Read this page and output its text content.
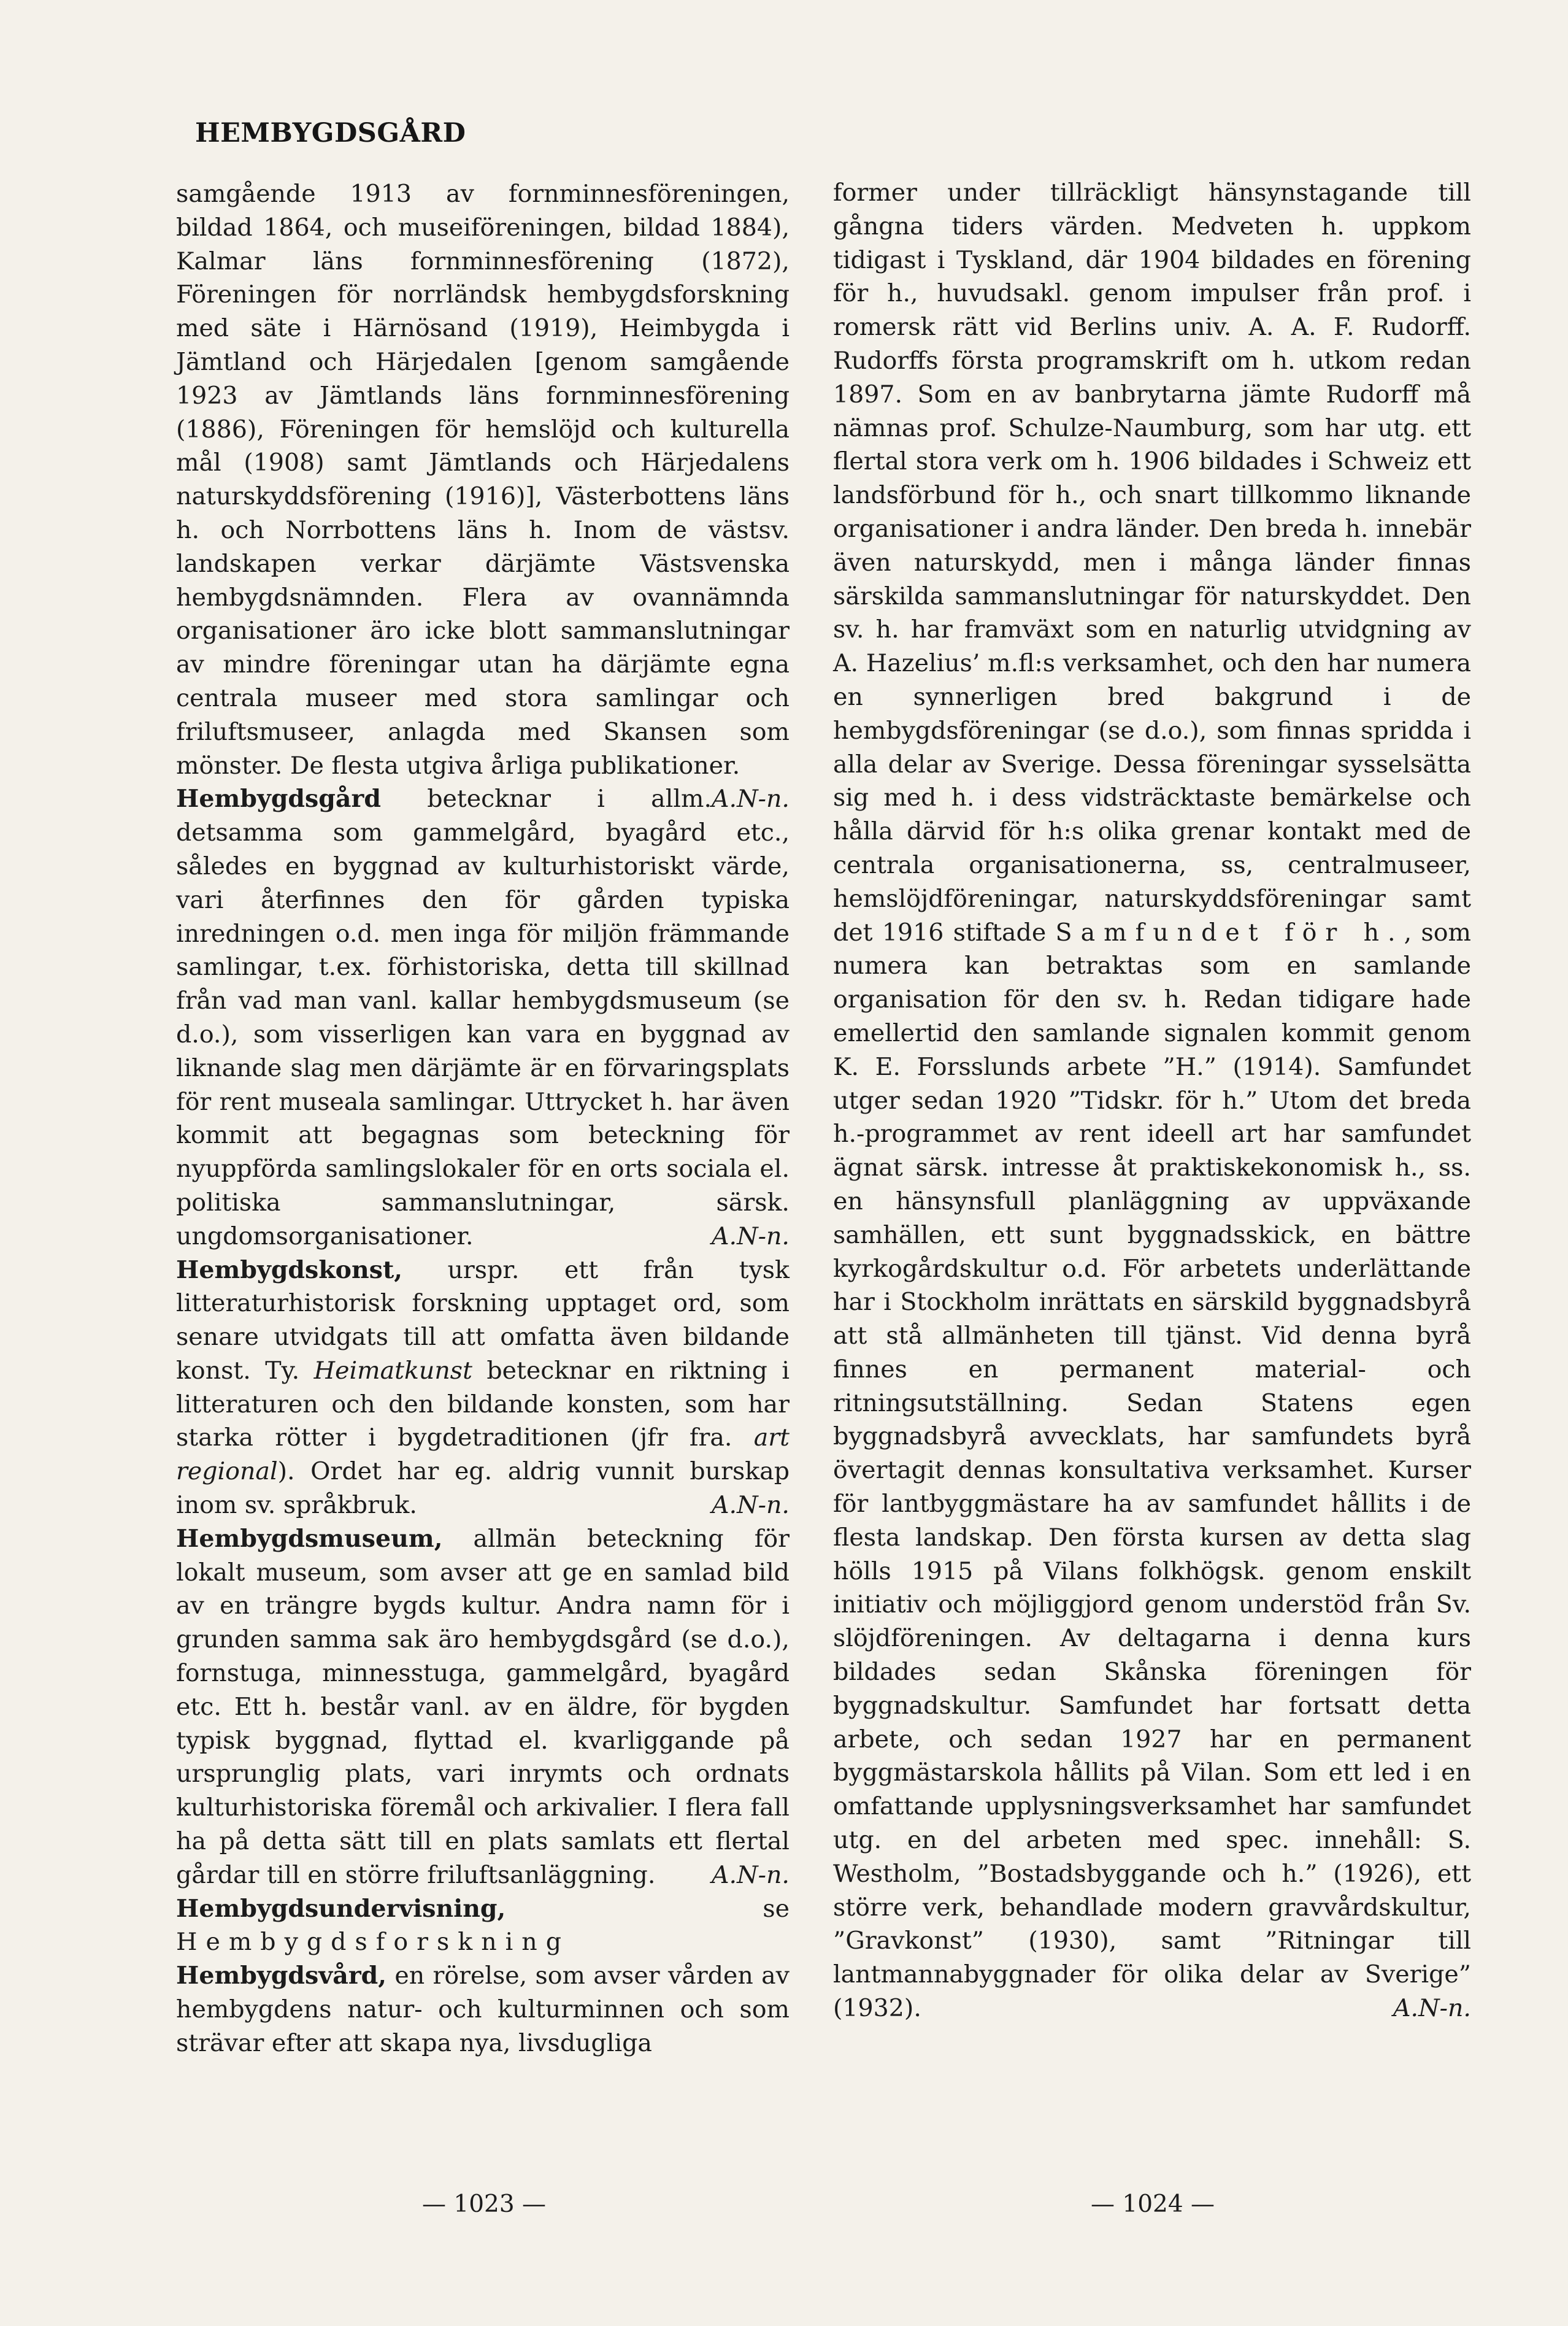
HEMBYGDSGÅRD

samgående 1913 av fornminnesföreningen, bildad 1864, och museiföreningen, bildad 1884), Kalmar läns fornminnesförening (1872), Föreningen för norrländsk hembygdsforskning med säte i Härnösand (1919), Heimbygda i Jämtland och Härjedalen [genom samgående 1923 av Jämtlands läns fornminnesförening (1886), Föreningen för hemslöjd och kulturella mål (1908) samt Jämtlands och Härjedalens naturskyddsförening (1916)], Västerbottens läns h. och Norrbottens läns h. Inom de västsv. landskapen verkar därjämte Västsvenska hembygdsnämnden. Flera av ovannämnda organisationer äro icke blott sammanslutningar av mindre föreningar utan ha därjämte egna centrala museer med stora samlingar och friluftsmuseer, anlagda med Skansen som mönster. De flesta utgiva årliga publikationer.
A.N-n.

Hembygdsgård betecknar i allm. detsamma som gammelgård, byagård etc., således en byggnad av kulturhistoriskt värde, vari återfinnes den för gården typiska inredningen o.d. men inga för miljön främmande samlingar, t.ex. förhistoriska, detta till skillnad från vad man vanl. kallar hembygdsmuseum (se d.o.), som visserligen kan vara en byggnad av liknande slag men därjämte är en förvaringsplats för rent museala samlingar. Uttrycket h. har även kommit att begagnas som beteckning för nyuppförda samlingslokaler för en orts sociala el. politiska sammanslutningar, särsk. ungdomsorganisationer.	A.N-n.

Hembygdskonst, urspr. ett från tysk litteraturhistorisk forskning upptaget ord, som senare utvidgats till att omfatta även bildande konst. Ty. Heimatkunst betecknar en riktning i litteraturen och den bildande konsten, som har starka rötter i bygdetraditionen (jfr fra. art regional). Ordet har eg. aldrig vunnit burskap inom sv. språkbruk.	A.N-n.

Hembygdsmuseum, allmän beteckning för lokalt museum, som avser att ge en samlad bild av en trängre bygds kultur. Andra namn för i grunden samma sak äro hembygdsgård (se d.o.), fornstuga, minnesstuga, gammelgård, byagård etc. Ett h. består vanl. av en äldre, för bygden typisk byggnad, flyttad el. kvarliggande på ursprunglig plats, vari inrymts och ordnats kulturhistoriska föremål och arkivalier. I flera fall ha på detta sätt till en plats samlats ett flertal gårdar till en större friluftsanläggning. A.N-n.

Hembygdsundervisning, se Hembygdsforskning

Hembygdsvård, en rörelse, som avser vården av hembygdens natur- och kulturminnen och som strävar efter att skapa nya, livsdugliga

former under tillräckligt hänsynstagande till gångna tiders värden. Medveten h. uppkom tidigast i Tyskland, där 1904 bildades en förening för h., huvudsakl. genom impulser från prof. i romersk rätt vid Berlins univ. A. A. F. Rudorff. Rudorffs första programskrift om h. utkom redan 1897. Som en av banbrytarna jämte Rudorff må nämnas prof. Schulze-Naumburg, som har utg. ett flertal stora verk om h. 1906 bildades i Schweiz ett landsförbund för h., och snart tillkommo liknande organisationer i andra länder. Den breda h. innebär även naturskydd, men i många länder finnas särskilda sammanslutningar för naturskyddet. Den sv. h. har framväxt som en naturlig utvidgning av A. Hazelius’ m.fl:s verksamhet, och den har numera en synnerligen bred bakgrund i de hembygdsföreningar (se d.o.), som finnas spridda i alla delar av Sverige. Dessa föreningar sysselsätta sig med h. i dess vidsträcktaste bemärkelse och hålla därvid för h:s olika grenar kontakt med de centrala organisationerna, ss, centralmuseer, hemslöjdföreningar, naturskyddsföreningar samt det 1916 stiftade Samfundet för h., som numera kan betraktas som en samlande organisation för den sv. h. Redan tidigare hade emellertid den samlande signalen kommit genom K. E. Forsslunds arbete ”H.” (1914). Samfundet utger sedan 1920 ”Tidskr. för h.” Utom det breda h.-programmet av rent ideell art har samfundet ägnat särsk. intresse åt praktiskekonomisk h., ss. en hänsynsfull planläggning av uppväxande samhällen, ett sunt byggnadsskick, en bättre kyrkogårdskultur o.d. För arbetets underlättande har i Stockholm inrättats en särskild byggnadsbyrå att stå allmänheten till tjänst. Vid denna byrå finnes en permanent material- och ritningsutställning. Sedan Statens egen byggnadsbyrå avvecklats, har samfundets byrå övertagit dennas konsultativa verksamhet. Kurser för lantbyggmästare ha av samfundet hållits i de flesta landskap. Den första kursen av detta slag hölls 1915 på Vilans folkhögsk. genom enskilt initiativ och möjliggjord genom understöd från Sv. slöjdföreningen. Av deltagarna i denna kurs bildades sedan Skånska föreningen för byggnadskultur. Samfundet har fortsatt detta arbete, och sedan 1927 har en permanent byggmästarskola hållits på Vilan. Som ett led i en omfattande upplysningsverksamhet har samfundet utg. en del arbeten med spec. innehåll: S. Westholm, ”Bostadsbyggande och h.” (1926), ett större verk, behandlade modern gravvårdskultur, ”Gravkonst” (1930), samt ”Ritningar till lantmannabyggnader för olika delar av Sverige” (1932).	A.N-n.

— 1023 —	— 1024 —
